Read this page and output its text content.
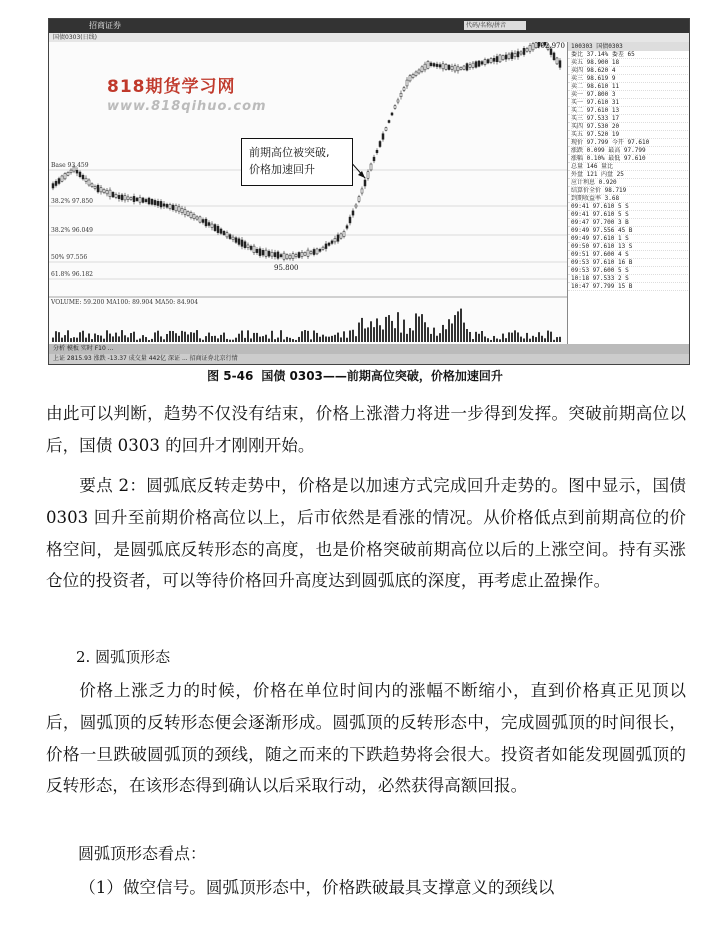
招商证券	代码/名称/拼音
国债0303(日线)
Base 93.459
38.2% 97.850
38.2% 96.049
50% 97.556
61.8% 96.182
102.970
95.800
VOLUME: 59.200 MA100: 89.904 MA50: 84.904
818期货学习网
www.818qihuo.com
前期高位被突破,
价格加速回升
100303 国债0303
委比 37.14% 委差 65
卖五 98.900 18
卖四 98.620 4
卖三 98.619 9
卖二 98.610 11
卖一 97.800 3
买一 97.610 31
买二 97.610 13
买三 97.533 17
买四 97.530 20
买五 97.520 19
现价 97.799 今开 97.610
涨跌 0.099 最高 97.799
涨幅 0.10% 最低 97.610
总量 146 量比
外盘 121 内盘 25
应计利息 0.920
结算价全价 98.719
到期收益率 3.68
09:41 97.610 5 S
09:41 97.610 5 S
09:47 97.700 3 B
09:49 97.556 45 B
09:49 97.610 1 S
09:50 97.610 13 S
09:51 97.600 4 S
09:53 97.610 16 B
09:53 97.600 5 S
10:18 97.533 2 S
10:47 97.799 15 B
分析 模板 实时 F10 ...
上证 2815.93 涨跌 -13.37 成交量 442亿 深证 ... 招商证券北京行情
图 5-46 国债 0303——前期高位突破，价格加速回升
由此可以判断，趋势不仅没有结束，价格上涨潜力将进一步得到发挥。突破前期高位以后，国债 0303 的回升才刚刚开始。
要点 2：圆弧底反转走势中，价格是以加速方式完成回升走势的。图中显示，国债 0303 回升至前期价格高位以上，后市依然是看涨的情况。从价格低点到前期高位的价格空间，是圆弧底反转形态的高度，也是价格突破前期高位以后的上涨空间。持有买涨仓位的投资者，可以等待价格回升高度达到圆弧底的深度，再考虑止盈操作。
2. 圆弧顶形态
价格上涨乏力的时候，价格在单位时间内的涨幅不断缩小，直到价格真正见顶以后，圆弧顶的反转形态便会逐渐形成。圆弧顶的反转形态中，完成圆弧顶的时间很长，价格一旦跌破圆弧顶的颈线，随之而来的下跌趋势将会很大。投资者如能发现圆弧顶的反转形态，在该形态得到确认以后采取行动，必然获得高额回报。
圆弧顶形态看点：
（1）做空信号。圆弧顶形态中，价格跌破最具支撑意义的颈线以
